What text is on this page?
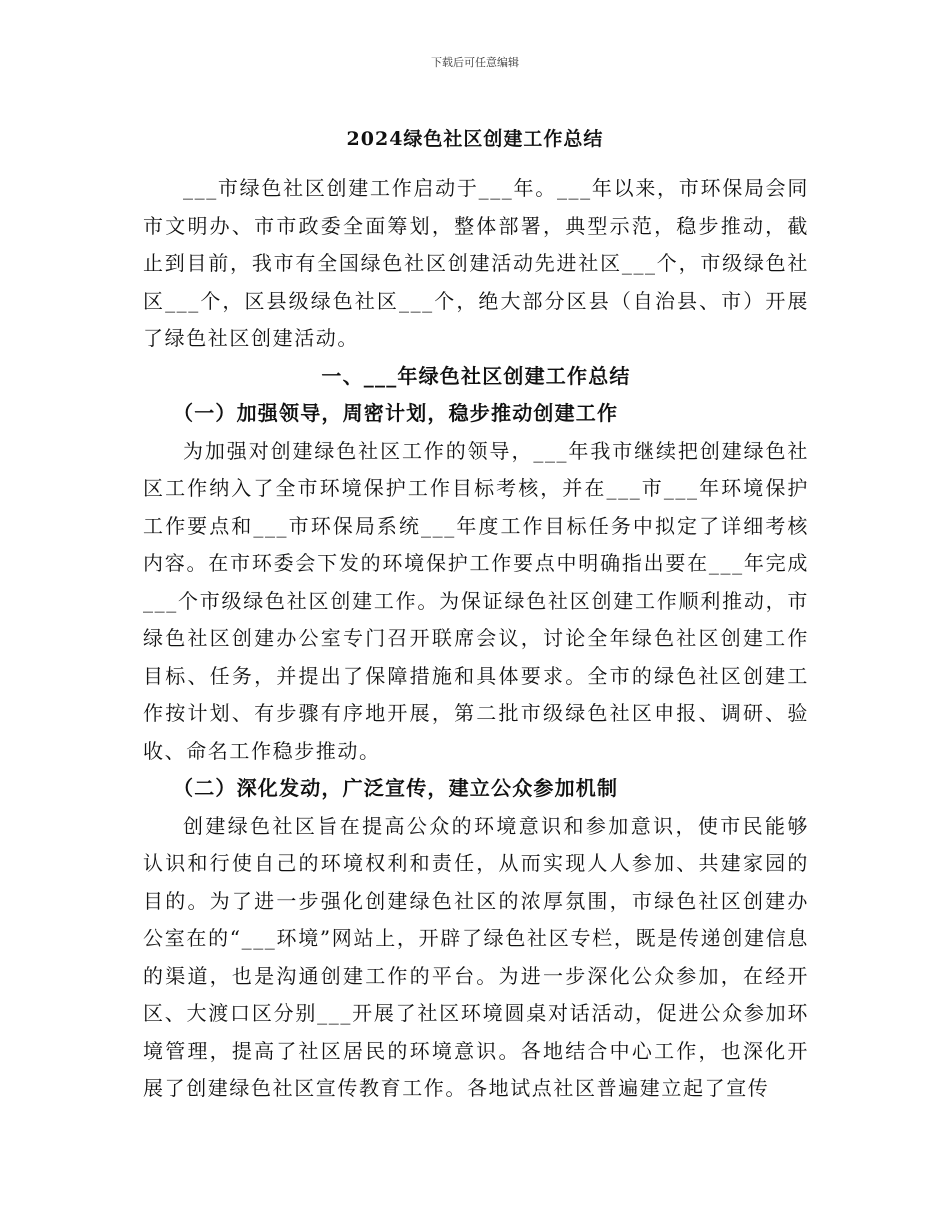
下载后可任意编辑
2024绿色社区创建工作总结

___市绿色社区创建工作启动于___年。___年以来，市环保局会同市文明办、市市政委全面筹划，整体部署，典型示范，稳步推动，截止到目前，我市有全国绿色社区创建活动先进社区___个，市级绿色社区___个，区县级绿色社区___个，绝大部分区县（自治县、市）开展了绿色社区创建活动。

一、___年绿色社区创建工作总结

（一）加强领导，周密计划，稳步推动创建工作

为加强对创建绿色社区工作的领导，___年我市继续把创建绿色社区工作纳入了全市环境保护工作目标考核，并在___市___年环境保护工作要点和___市环保局系统___年度工作目标任务中拟定了详细考核内容。在市环委会下发的环境保护工作要点中明确指出要在___年完成___个市级绿色社区创建工作。为保证绿色社区创建工作顺利推动，市绿色社区创建办公室专门召开联席会议，讨论全年绿色社区创建工作目标、任务，并提出了保障措施和具体要求。全市的绿色社区创建工作按计划、有步骤有序地开展，第二批市级绿色社区申报、调研、验收、命名工作稳步推动。

（二）深化发动，广泛宣传，建立公众参加机制

创建绿色社区旨在提高公众的环境意识和参加意识，使市民能够认识和行使自己的环境权利和责任，从而实现人人参加、共建家园的目的。为了进一步强化创建绿色社区的浓厚氛围，市绿色社区创建办公室在的“___环境”网站上，开辟了绿色社区专栏，既是传递创建信息的渠道，也是沟通创建工作的平台。为进一步深化公众参加，在经开区、大渡口区分别___开展了社区环境圆桌对话活动，促进公众参加环境管理，提高了社区居民的环境意识。各地结合中心工作，也深化开展了创建绿色社区宣传教育工作。各地试点社区普遍建立起了宣传
